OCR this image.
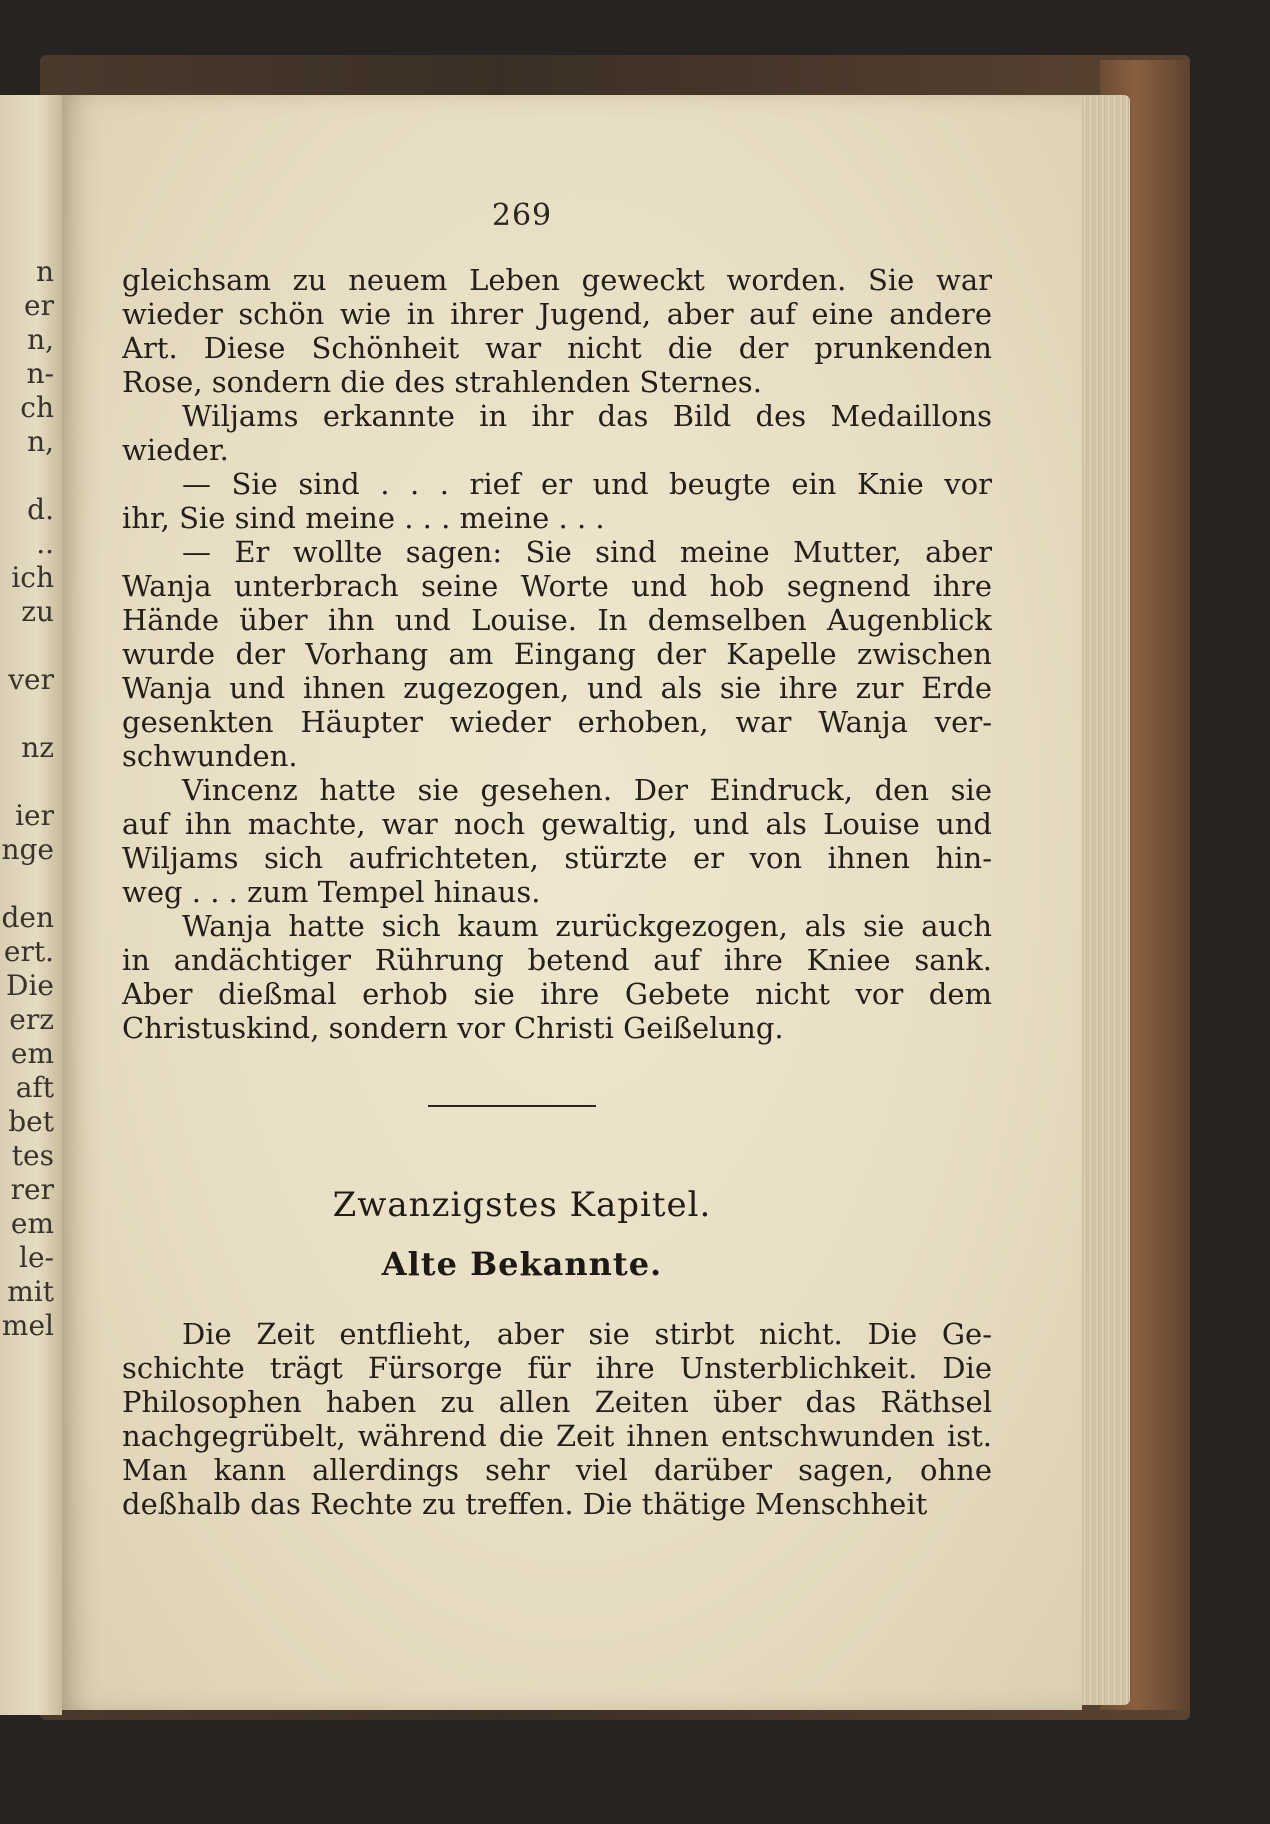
n
er
n,
n-
ch
n,
d.
..
ich
zu
ver
nz
ier
nge
den
ert.
Die
erz
em
aft
bet
tes
rer
em
le-
mit
mel
269
gleichsam zu neuem Leben geweckt worden. Sie war
wieder schön wie in ihrer Jugend, aber auf eine andere
Art. Diese Schönheit war nicht die der prunkenden
Rose, sondern die des strahlenden Sternes.
Wiljams erkannte in ihr das Bild des Medaillons
wieder.
— Sie sind . . . rief er und beugte ein Knie vor
ihr, Sie sind meine . . . meine . . .
— Er wollte sagen: Sie sind meine Mutter, aber
Wanja unterbrach seine Worte und hob segnend ihre
Hände über ihn und Louise. In demselben Augenblick
wurde der Vorhang am Eingang der Kapelle zwischen
Wanja und ihnen zugezogen, und als sie ihre zur Erde
gesenkten Häupter wieder erhoben, war Wanja ver-
schwunden.
Vincenz hatte sie gesehen. Der Eindruck, den sie
auf ihn machte, war noch gewaltig, und als Louise und
Wiljams sich aufrichteten, stürzte er von ihnen hin-
weg . . . zum Tempel hinaus.
Wanja hatte sich kaum zurückgezogen, als sie auch
in andächtiger Rührung betend auf ihre Kniee sank.
Aber dießmal erhob sie ihre Gebete nicht vor dem
Christuskind, sondern vor Christi Geißelung.
Zwanzigstes Kapitel.
Alte Bekannte.
Die Zeit entflieht, aber sie stirbt nicht. Die Ge-
schichte trägt Fürsorge für ihre Unsterblichkeit. Die
Philosophen haben zu allen Zeiten über das Räthsel
nachgegrübelt, während die Zeit ihnen entschwunden ist.
Man kann allerdings sehr viel darüber sagen, ohne
deßhalb das Rechte zu treffen. Die thätige Menschheit
